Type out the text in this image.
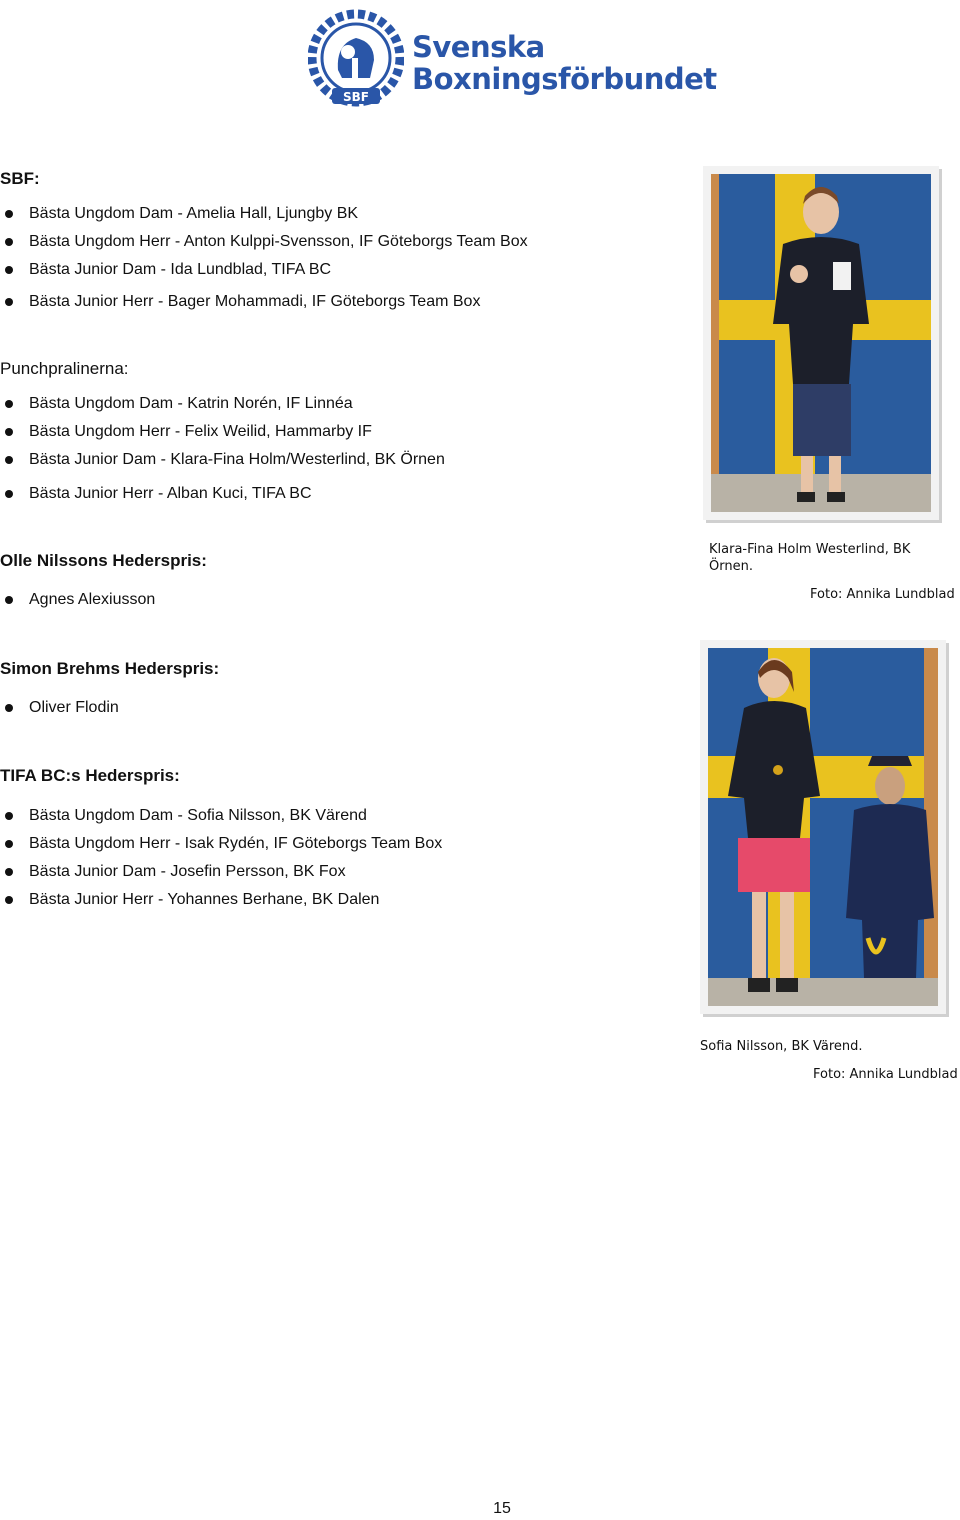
SBF
Svenska
Boxningsförbundet

SBF:

Bästa Ungdom Dam - Amelia Hall, Ljungby BK
Bästa Ungdom Herr - Anton Kulppi-Svensson, IF Göteborgs Team Box
Bästa Junior Dam - Ida Lundblad, TIFA BC
Bästa Junior Herr - Bager Mohammadi, IF Göteborgs Team Box

Punchpralinerna:

Bästa Ungdom Dam - Katrin Norén, IF Linnéa
Bästa Ungdom Herr - Felix Weilid, Hammarby IF
Bästa Junior Dam - Klara-Fina Holm/Westerlind, BK Örnen
Bästa Junior Herr - Alban Kuci, TIFA BC

Olle Nilssons Hederspris:

Agnes Alexiusson

Simon Brehms Hederspris:

Oliver Flodin

TIFA BC:s Hederspris:

Bästa Ungdom Dam - Sofia Nilsson, BK Värend
Bästa Ungdom Herr - Isak Rydén, IF Göteborgs Team Box
Bästa Junior Dam - Josefin Persson, BK Fox
Bästa Junior Herr - Yohannes Berhane, BK Dalen
Klara-Fina Holm Westerlind, BK
Örnen.
Foto: Annika Lundblad
Sofia Nilsson, BK Värend.
Foto: Annika Lundblad
15
